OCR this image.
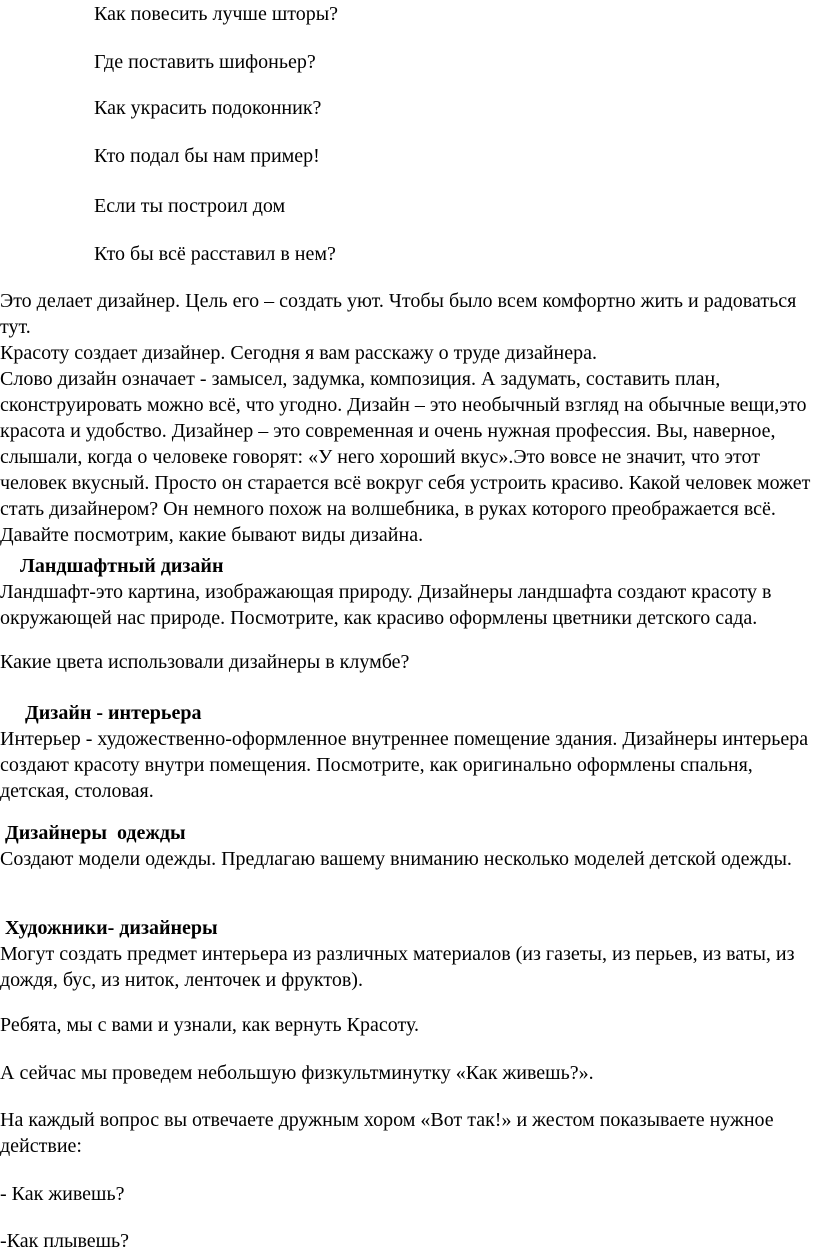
Как повесить лучше шторы?
Где поставить шифоньер?
Как украсить подоконник?
Кто подал бы нам пример!
Если ты построил дом
Кто бы всё расставил в нем?

Это делает дизайнер. Цель его – создать уют. Чтобы было всем комфортно жить и радоваться тут.

Красоту создает дизайнер. Сегодня я вам расскажу о труде дизайнера.

Слово дизайн означает - замысел, задумка, композиция. А задумать, составить план, сконструировать можно всё, что угодно. Дизайн – это необычный взгляд на обычные вещи,это красота и удобство. Дизайнер – это современная и очень нужная профессия. Вы, наверное, слышали, когда о человеке говорят: «У него хороший вкус».Это вовсе не значит, что этот человек вкусный. Просто он старается всё вокруг себя устроить красиво. Какой человек может стать дизайнером? Он немного похож на волшебника, в руках которого преображается всё. Давайте посмотрим, какие бывают виды дизайна.

Ландшафтный дизайн

Ландшафт-это картина, изображающая природу. Дизайнеры ландшафта создают красоту в окружающей нас природе. Посмотрите, как красиво оформлены цветники детского сада.

Какие цвета использовали дизайнеры в клумбе?

Дизайн - интерьера

Интерьер - художественно-оформленное внутреннее помещение здания. Дизайнеры интерьера создают красоту внутри помещения. Посмотрите, как оригинально оформлены спальня, детская, столовая.

Дизайнеры  одежды

Создают модели одежды. Предлагаю вашему вниманию несколько моделей детской одежды.

Художники- дизайнеры

Могут создать предмет интерьера из различных материалов (из газеты, из перьев, из ваты, из дождя, бус, из ниток, ленточек и фруктов).

Ребята, мы с вами и узнали, как вернуть Красоту.

А сейчас мы проведем небольшую физкультминутку «Как живешь?».

На каждый вопрос вы отвечаете дружным хором «Вот так!» и жестом показываете нужное действие:

- Как живешь?

-Как плывешь?
